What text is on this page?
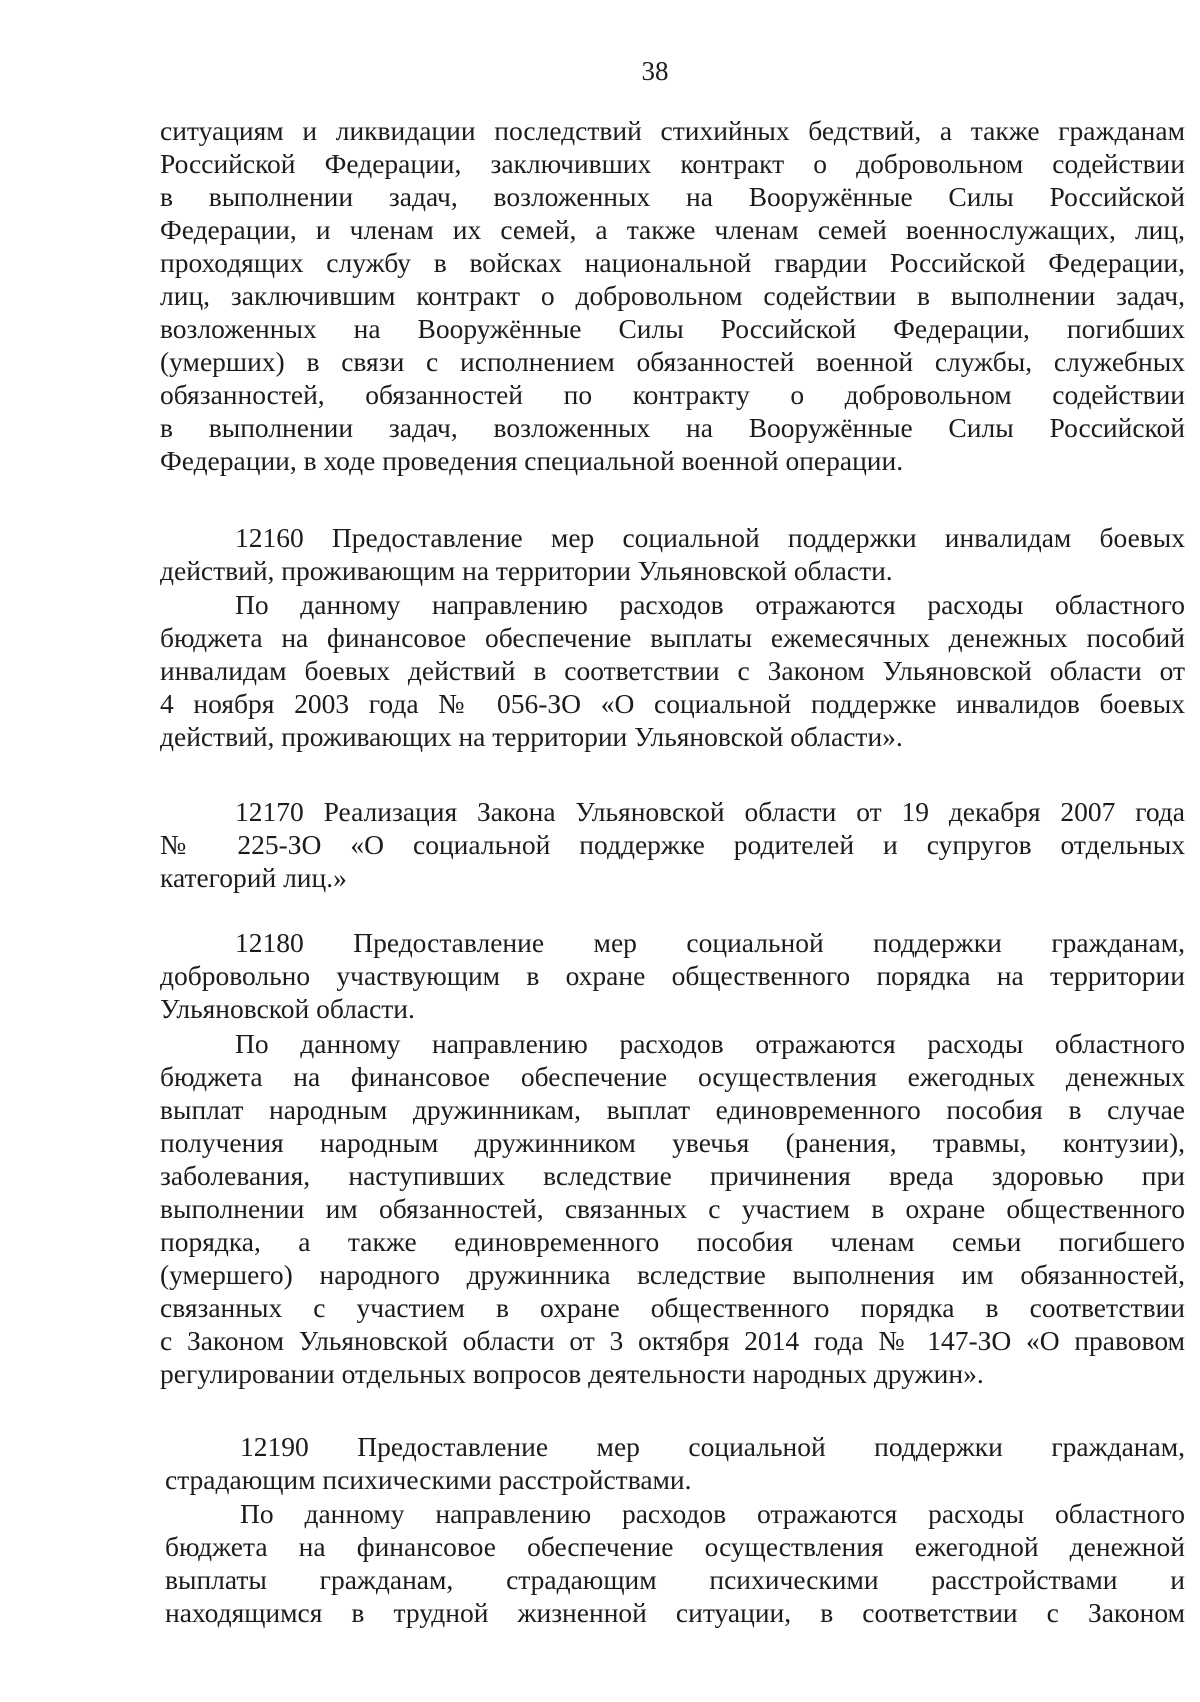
38
ситуациям и ликвидации последствий стихийных бедствий, а также гражданам
Российской Федерации, заключивших контракт о добровольном содействии
в выполнении задач, возложенных на Вооружённые Силы Российской
Федерации, и членам их семей, а также членам семей военнослужащих, лиц,
проходящих службу в войсках национальной гвардии Российской Федерации,
лиц, заключившим контракт о добровольном содействии в выполнении задач,
возложенных на Вооружённые Силы Российской Федерации, погибших
(умерших) в связи с исполнением обязанностей военной службы, служебных
обязанностей, обязанностей по контракту о добровольном содействии
в выполнении задач, возложенных на Вооружённые Силы Российской
Федерации, в ходе проведения специальной военной операции.
12160 Предоставление мер социальной поддержки инвалидам боевых
действий, проживающим на территории Ульяновской области.
По данному направлению расходов отражаются расходы областного
бюджета на финансовое обеспечение выплаты ежемесячных денежных пособий
инвалидам боевых действий в соответствии с Законом Ульяновской области от
4 ноября 2003 года № 056-ЗО «О социальной поддержке инвалидов боевых
действий, проживающих на территории Ульяновской области».
12170 Реализация Закона Ульяновской области от 19 декабря 2007 года
№ 225-ЗО «О социальной поддержке родителей и супругов отдельных
категорий лиц.»
12180 Предоставление мер социальной поддержки гражданам,
добровольно участвующим в охране общественного порядка на территории
Ульяновской области.
По данному направлению расходов отражаются расходы областного
бюджета на финансовое обеспечение осуществления ежегодных денежных
выплат народным дружинникам, выплат единовременного пособия в случае
получения народным дружинником увечья (ранения, травмы, контузии),
заболевания, наступивших вследствие причинения вреда здоровью при
выполнении им обязанностей, связанных с участием в охране общественного
порядка, а также единовременного пособия членам семьи погибшего
(умершего) народного дружинника вследствие выполнения им обязанностей,
связанных с участием в охране общественного порядка в соответствии
с Законом Ульяновской области от 3 октября 2014 года № 147-ЗО «О правовом
регулировании отдельных вопросов деятельности народных дружин».
12190 Предоставление мер социальной поддержки гражданам,
страдающим психическими расстройствами.
По данному направлению расходов отражаются расходы областного
бюджета на финансовое обеспечение осуществления ежегодной денежной
выплаты гражданам, страдающим психическими расстройствами и
находящимся в трудной жизненной ситуации, в соответствии с Законом
